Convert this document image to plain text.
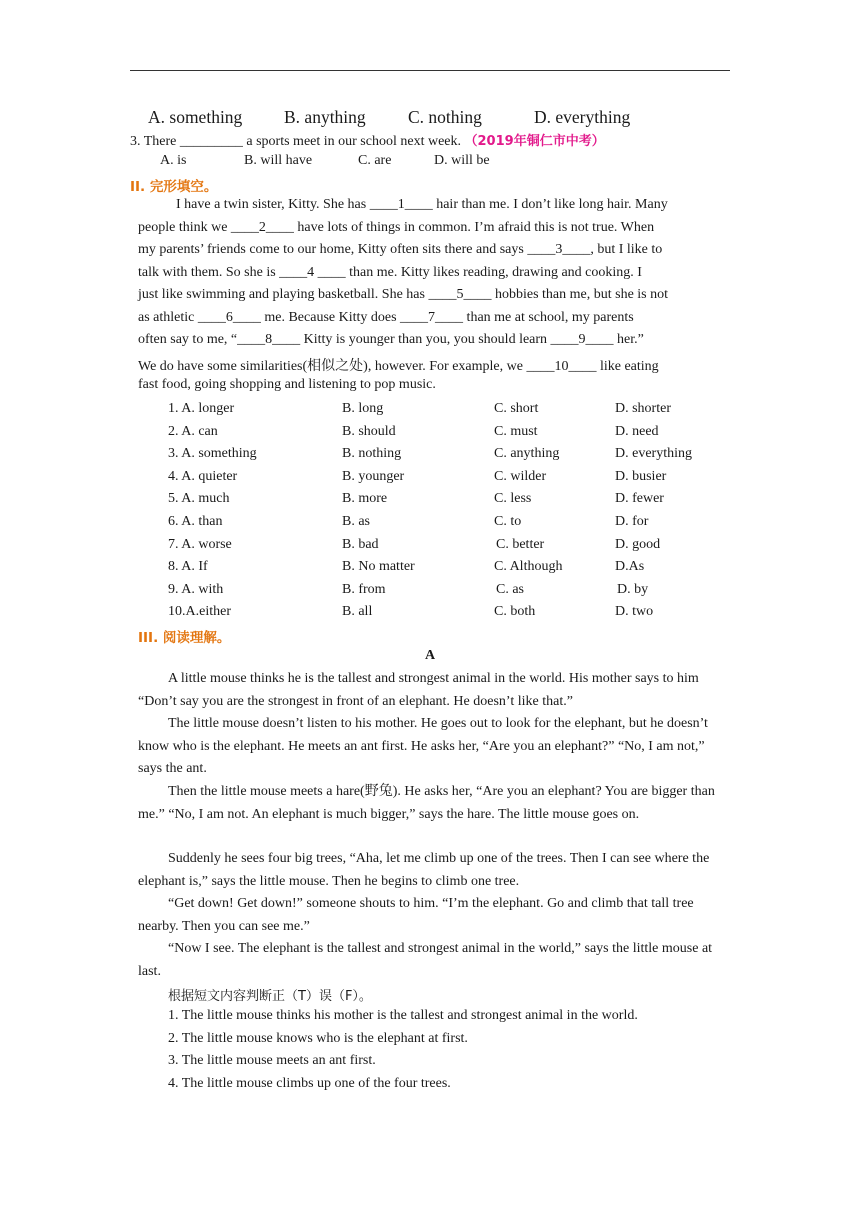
A. something B. anything C. nothing	D. everything
3. There _________ a sports meet in our school next week. （2019年铜仁市中考）
A. is	B. will have	C. are	D. will be
II. 完形填空。
I have a twin sister, Kitty. She has ____1____ hair than me. I don’t like long hair. Many
people think we ____2____ have lots of things in common. I’m afraid this is not true. When
my parents’ friends come to our home, Kitty often sits there and says ____3____, but I like to
talk with them. So she is ____4 ____ than me. Kitty likes reading, drawing and cooking. I
just like swimming and playing basketball. She has ____5____ hobbies than me, but she is not
as athletic ____6____ me. Because Kitty does ____7____ than me at school, my parents
often say to me, “____8____ Kitty is younger than you, you should learn ____9____ her.”
We do have some similarities(相似之处), however. For example, we ____10____ like eating
fast food, going shopping and listening to pop music.
1. A. longer	B. long	C. short	D. shorter
2. A. can	B. should	C. must	D. need
3. A. something	B. nothing	C. anything	D. everything
4. A. quieter	B. younger	C. wilder	D. busier
5. A. much	B. more	C. less	D. fewer
6. A. than	B. as	C. to	D. for
7. A. worse	B. bad	C. better	D. good
8. A. If	B. No matter	C. Although	D.As
9. A. with	B. from	C. as	D. by
10.A.either	B. all	C. both	D. two
III. 阅读理解。
A
A little mouse thinks he is the tallest and strongest animal in the world. His mother says to him “Don’t say you are the strongest in front of an elephant. He doesn’t like that.”
The little mouse doesn’t listen to his mother. He goes out to look for the elephant, but he doesn’t know who is the elephant. He meets an ant first. He asks her, “Are you an elephant?” “No, I am not,” says the ant.
Then the little mouse meets a hare(野兔). He asks her, “Are you an elephant? You are bigger than me.” “No, I am not. An elephant is much bigger,” says the hare. The little mouse goes on.
Suddenly he sees four big trees, “Aha, let me climb up one of the trees. Then I can see where the elephant is,” says the little mouse. Then he begins to climb one tree.
“Get down! Get down!” someone shouts to him. “I’m the elephant. Go and climb that tall tree nearby. Then you can see me.”
“Now I see. The elephant is the tallest and strongest animal in the world,” says the little mouse at last.
根据短文内容判断正（T）误（F）。
1. The little mouse thinks his mother is the tallest and strongest animal in the world.
2. The little mouse knows who is the elephant at first.
3. The little mouse meets an ant first.
4. The little mouse climbs up one of the four trees.
